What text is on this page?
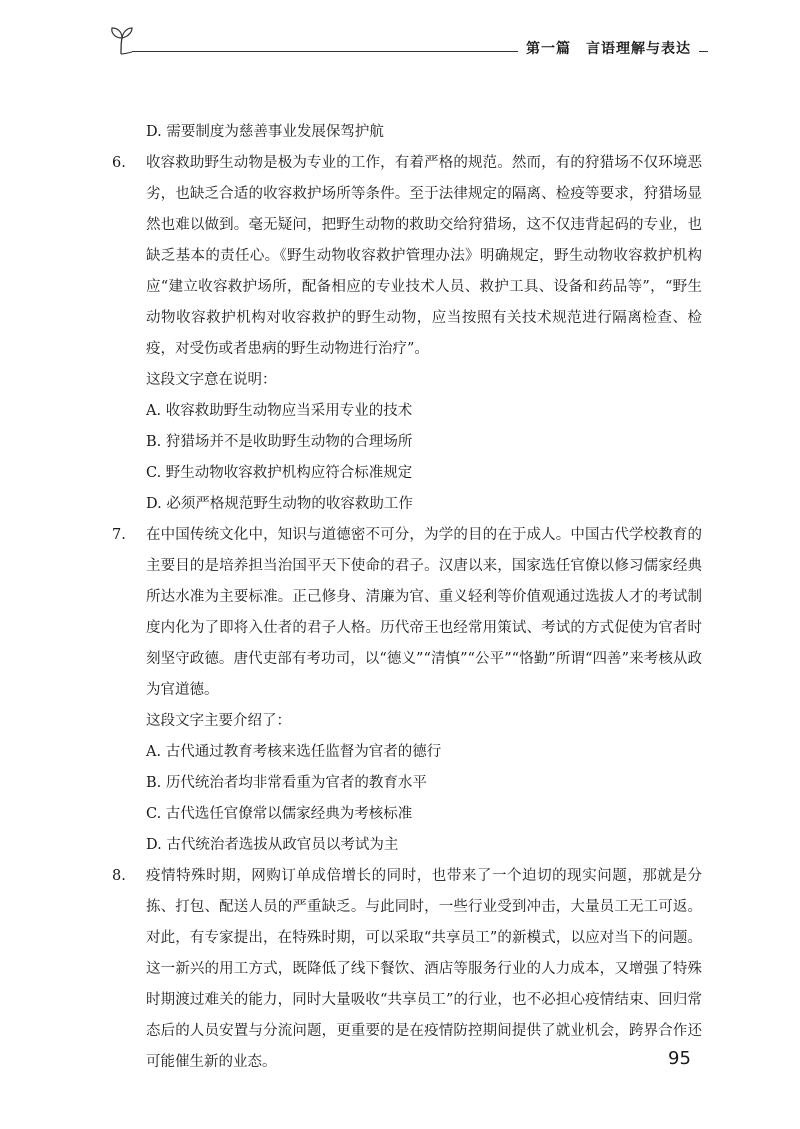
第一篇　言语理解与表达
D. 需要制度为慈善事业发展保驾护航
6.	收容救助野生动物是极为专业的工作，有着严格的规范。然而，有的狩猎场不仅环境恶劣，也缺乏合适的收容救护场所等条件。至于法律规定的隔离、检疫等要求，狩猎场显然也难以做到。毫无疑问，把野生动物的救助交给狩猎场，这不仅违背起码的专业，也缺乏基本的责任心。《野生动物收容救护管理办法》明确规定，野生动物收容救护机构应“建立收容救护场所，配备相应的专业技术人员、救护工具、设备和药品等”，“野生动物收容救护机构对收容救护的野生动物，应当按照有关技术规范进行隔离检查、检疫，对受伤或者患病的野生动物进行治疗”。
这段文字意在说明：
A. 收容救助野生动物应当采用专业的技术
B. 狩猎场并不是收助野生动物的合理场所
C. 野生动物收容救护机构应符合标准规定
D. 必须严格规范野生动物的收容救助工作
7.	在中国传统文化中，知识与道德密不可分，为学的目的在于成人。中国古代学校教育的主要目的是培养担当治国平天下使命的君子。汉唐以来，国家选任官僚以修习儒家经典所达水准为主要标准。正己修身、清廉为官、重义轻利等价值观通过选拔人才的考试制度内化为了即将入仕者的君子人格。历代帝王也经常用策试、考试的方式促使为官者时刻坚守政德。唐代吏部有考功司，以“德义”“清慎”“公平”“恪勤”所谓“四善”来考核从政为官道德。
这段文字主要介绍了：
A. 古代通过教育考核来选任监督为官者的德行
B. 历代统治者均非常看重为官者的教育水平
C. 古代选任官僚常以儒家经典为考核标准
D. 古代统治者选拔从政官员以考试为主
8.	疫情特殊时期，网购订单成倍增长的同时，也带来了一个迫切的现实问题，那就是分拣、打包、配送人员的严重缺乏。与此同时，一些行业受到冲击，大量员工无工可返。对此，有专家提出，在特殊时期，可以采取“共享员工”的新模式，以应对当下的问题。这一新兴的用工方式，既降低了线下餐饮、酒店等服务行业的人力成本，又增强了特殊时期渡过难关的能力，同时大量吸收“共享员工”的行业，也不必担心疫情结束、回归常态后的人员安置与分流问题，更重要的是在疫情防控期间提供了就业机会，跨界合作还可能催生新的业态。	95
